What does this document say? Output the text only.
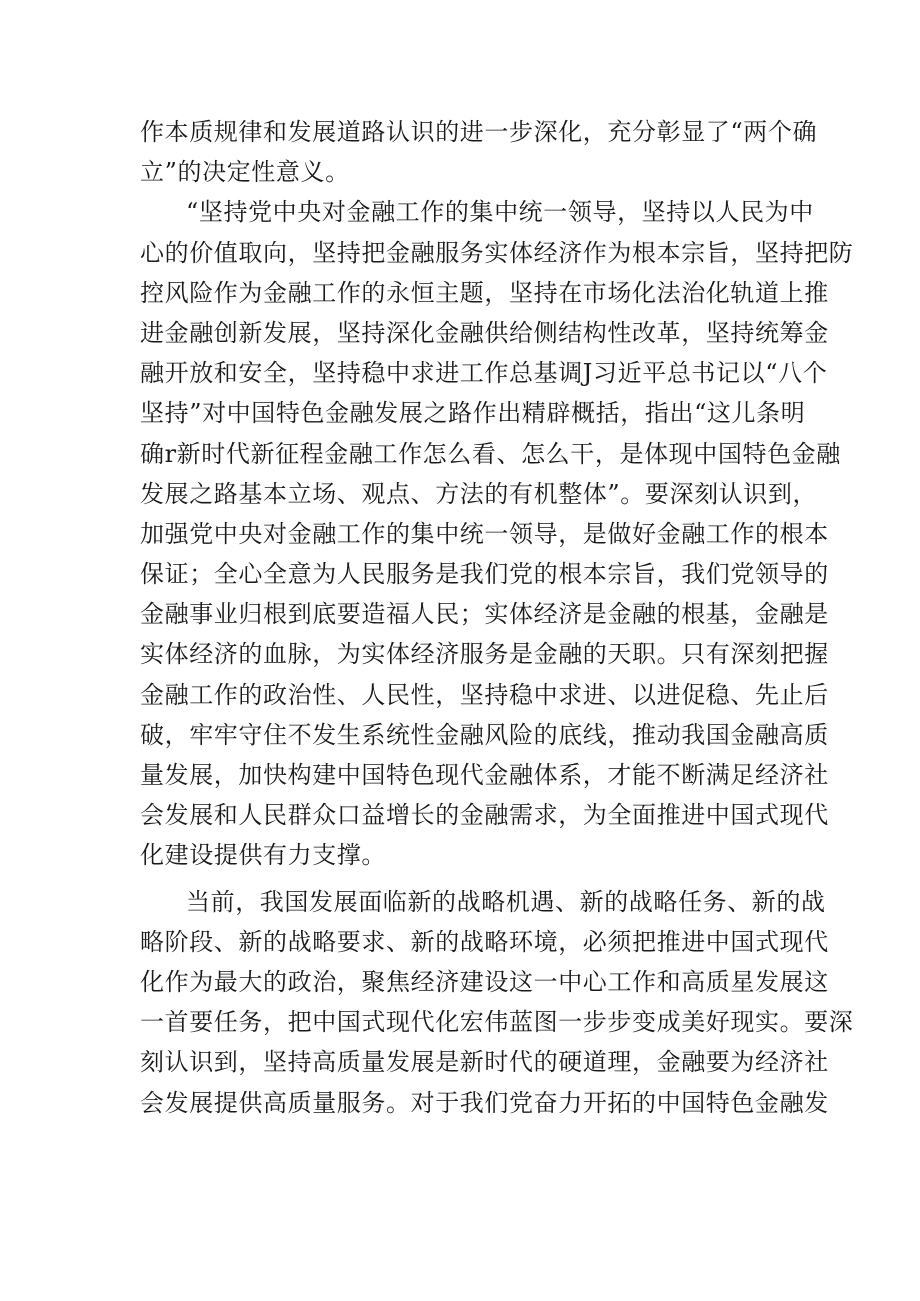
作本质规律和发展道路认识的进一步深化，充分彰显了“两个确
立”的决定性意义。
“坚持党中央对金融工作的集中统一领导，坚持以人民为中
心的价值取向，坚持把金融服务实体经济作为根本宗旨，坚持把防
控风险作为金融工作的永恒主题，坚持在市场化法治化轨道上推
进金融创新发展，坚持深化金融供给侧结构性改革，坚持统筹金
融开放和安全，坚持稳中求进工作总基调J习近平总书记以“八个
坚持”对中国特色金融发展之路作出精辟概括，指出“这儿条明
确r新时代新征程金融工作怎么看、怎么干，是体现中国特色金融
发展之路基本立场、观点、方法的有机整体”。要深刻认识到，
加强党中央对金融工作的集中统一领导，是做好金融工作的根本
保证；全心全意为人民服务是我们党的根本宗旨，我们党领导的
金融事业归根到底要造福人民；实体经济是金融的根基，金融是
实体经济的血脉，为实体经济服务是金融的天职。只有深刻把握
金融工作的政治性、人民性，坚持稳中求进、以进促稳、先止后
破，牢牢守住不发生系统性金融风险的底线，推动我国金融高质
量发展，加快构建中国特色现代金融体系，才能不断满足经济社
会发展和人民群众口益增长的金融需求，为全面推进中国式现代
化建设提供有力支撑。
当前，我国发展面临新的战略机遇、新的战略任务、新的战
略阶段、新的战略要求、新的战略环境，必须把推进中国式现代
化作为最大的政治，聚焦经济建设这一中心工作和高质星发展这
一首要任务，把中国式现代化宏伟蓝图一步步变成美好现实。要深
刻认识到，坚持高质量发展是新时代的硬道理，金融要为经济社
会发展提供高质量服务。对于我们党奋力开拓的中国特色金融发
